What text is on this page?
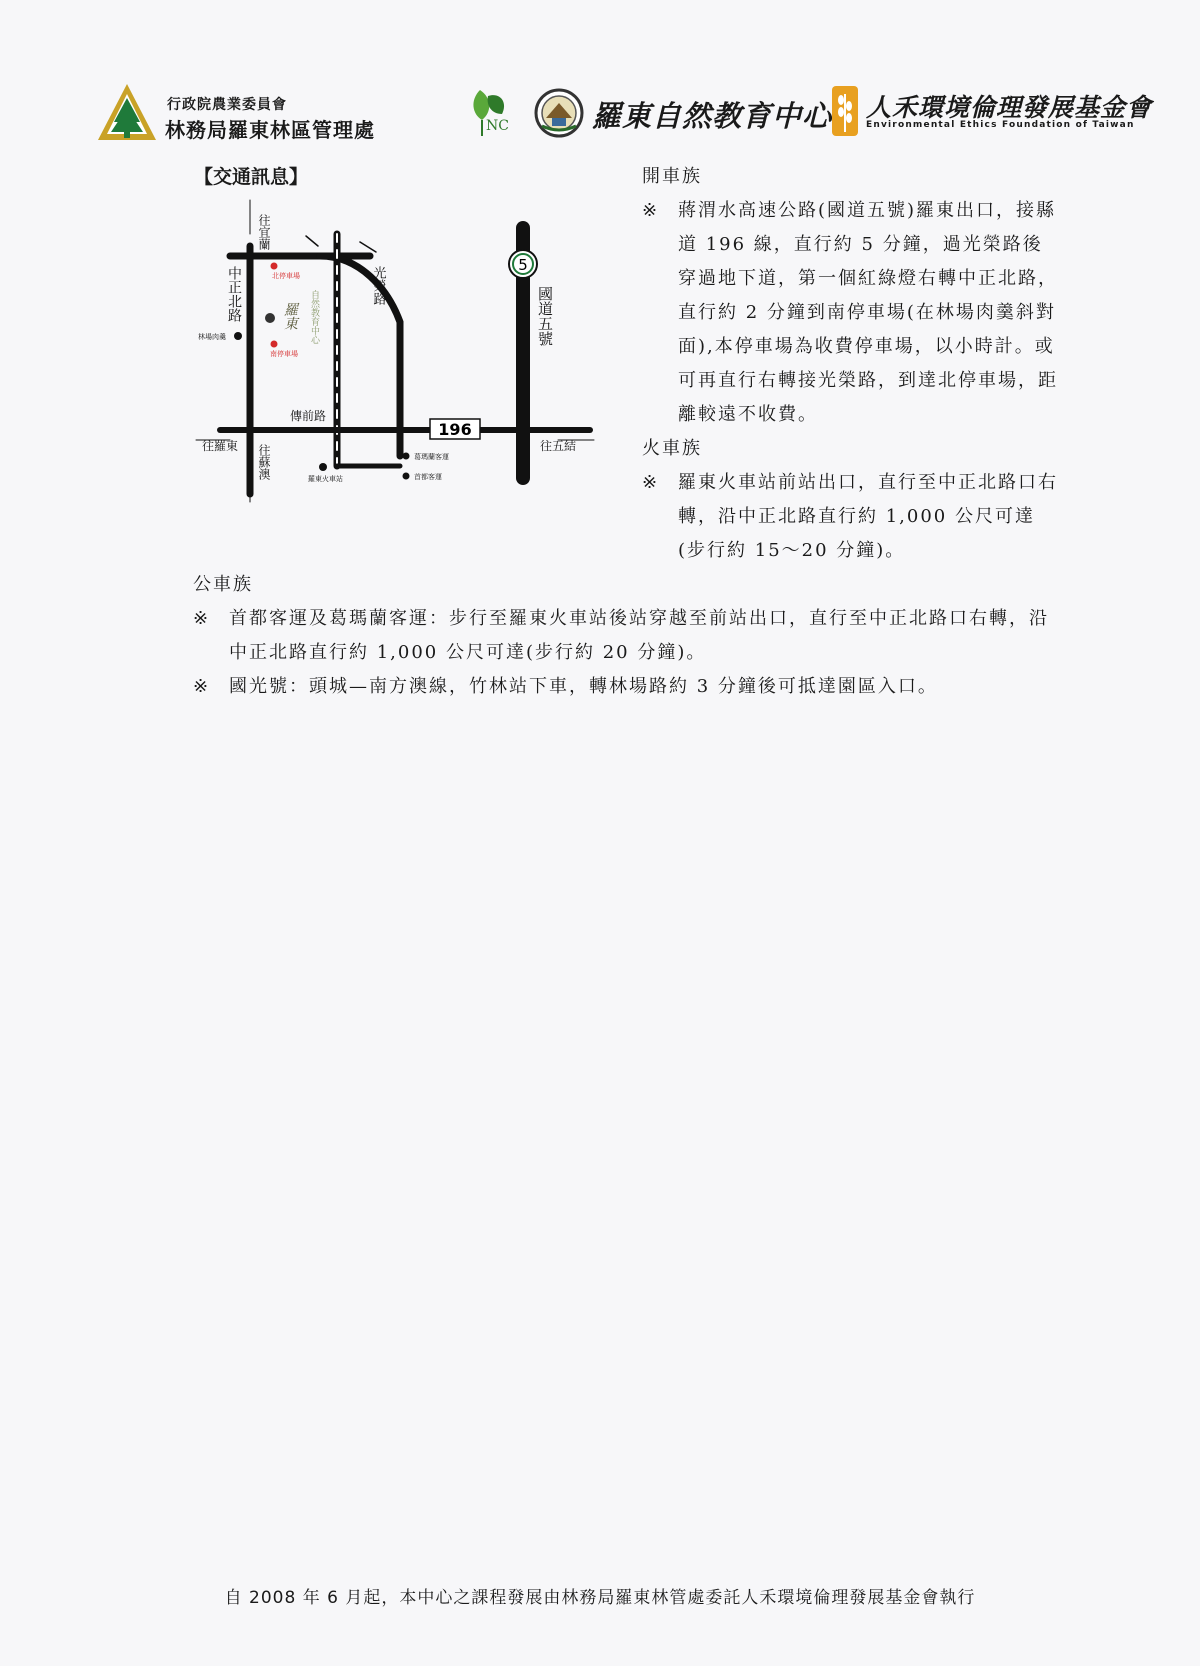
行政院農業委員會
林務局羅東林區管理處	NC	羅東自然教育中心 人禾環境倫理發展基金會
Environmental Ethics Foundation of Taiwan
【交通訊息】
5
196
往宜蘭
中正北路	光榮路
國道五號
往蘇澳
傳前路
往羅東	往五結
羅東 自然教育中心
北停車場
林場肉羹
南停車場
葛瑪蘭客運
首都客運
羅東火車站
開車族
※	蔣渭水高速公路(國道五號)羅東出口，接縣道 196 線，直行約 5 分鐘，過光榮路後穿過地下道，第一個紅綠燈右轉中正北路，直行約 2 分鐘到南停車場(在林場肉羹斜對面),本停車場為收費停車場，以小時計。或可再直行右轉接光榮路，到達北停車場，距離較遠不收費。
火車族
※	羅東火車站前站出口，直行至中正北路口右轉，沿中正北路直行約 1,000 公尺可達(步行約 15～20 分鐘)。
公車族
※	首都客運及葛瑪蘭客運：步行至羅東火車站後站穿越至前站出口，直行至中正北路口右轉，沿中正北路直行約 1,000 公尺可達(步行約 20 分鐘)。
※	國光號：頭城—南方澳線，竹林站下車，轉林場路約 3 分鐘後可抵達園區入口。
自 2008 年 6 月起，本中心之課程發展由林務局羅東林管處委託人禾環境倫理發展基金會執行
